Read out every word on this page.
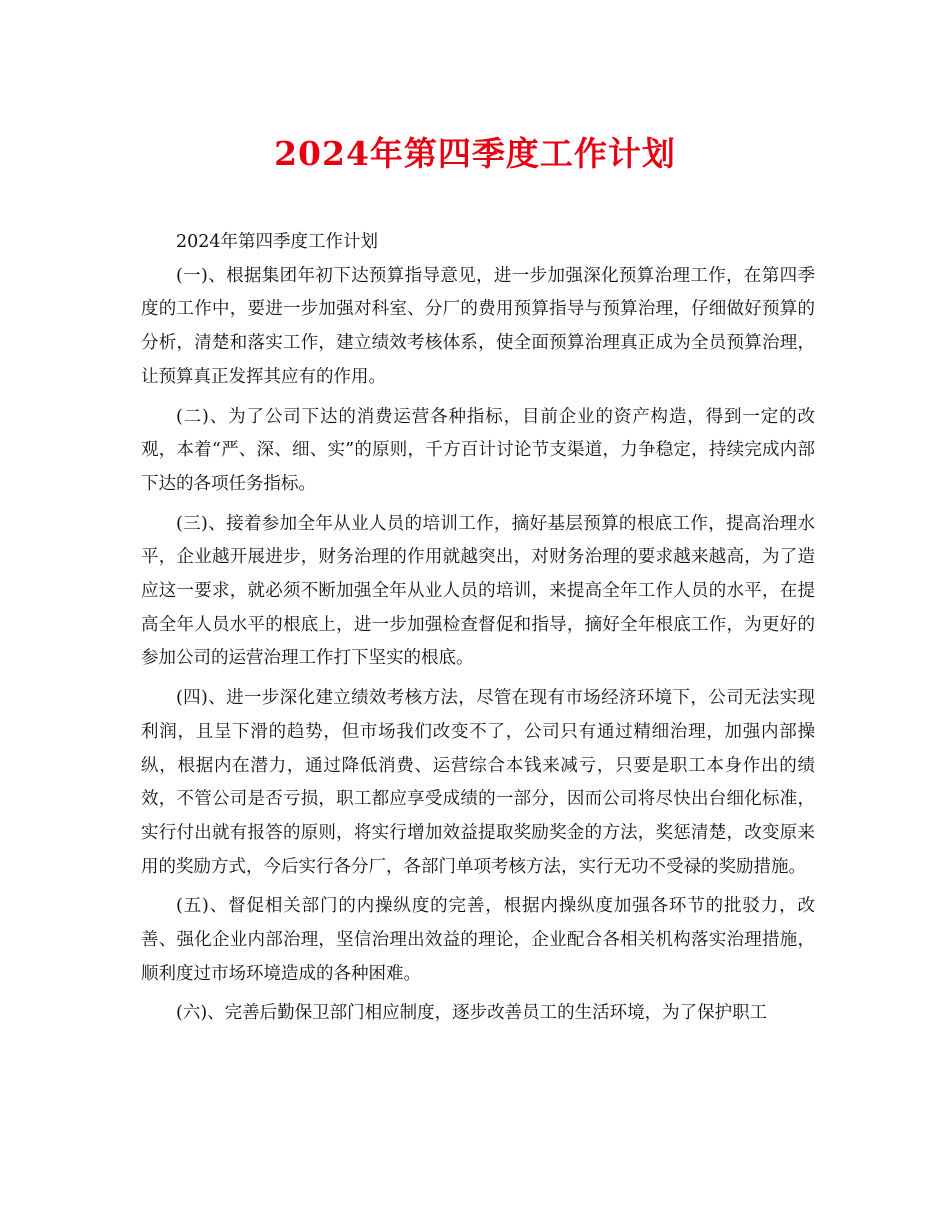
2024年第四季度工作计划

2024年第四季度工作计划

(一)、根据集团年初下达预算指导意见，进一步加强深化预算治理工作，在第四季度的工作中，要进一步加强对科室、分厂的费用预算指导与预算治理，仔细做好预算的分析，清楚和落实工作，建立绩效考核体系，使全面预算治理真正成为全员预算治理，让预算真正发挥其应有的作用。

(二)、为了公司下达的消费运营各种指标，目前企业的资产构造，得到一定的改观，本着“严、深、细、实”的原则，千方百计讨论节支渠道，力争稳定，持续完成内部下达的各项任务指标。

(三)、接着参加全年从业人员的培训工作，摘好基层预算的根底工作，提高治理水平，企业越开展进步，财务治理的作用就越突出，对财务治理的要求越来越高，为了造应这一要求，就必须不断加强全年从业人员的培训，来提高全年工作人员的水平，在提高全年人员水平的根底上，进一步加强检查督促和指导，摘好全年根底工作，为更好的参加公司的运营治理工作打下坚实的根底。

(四)、进一步深化建立绩效考核方法，尽管在现有市场经济环境下，公司无法实现利润，且呈下滑的趋势，但市场我们改变不了，公司只有通过精细治理，加强内部操纵，根据内在潜力，通过降低消费、运营综合本钱来减亏，只要是职工本身作出的绩效，不管公司是否亏损，职工都应享受成绩的一部分，因而公司将尽快出台细化标准，实行付出就有报答的原则，将实行增加效益提取奖励奖金的方法，奖惩清楚，改变原来用的奖励方式，今后实行各分厂，各部门单项考核方法，实行无功不受禄的奖励措施。

(五)、督促相关部门的内操纵度的完善，根据内操纵度加强各环节的批驳力，改善、强化企业内部治理，坚信治理出效益的理论，企业配合各相关机构落实治理措施，顺利度过市场环境造成的各种困难。

(六)、完善后勤保卫部门相应制度，逐步改善员工的生活环境，为了保护职工
